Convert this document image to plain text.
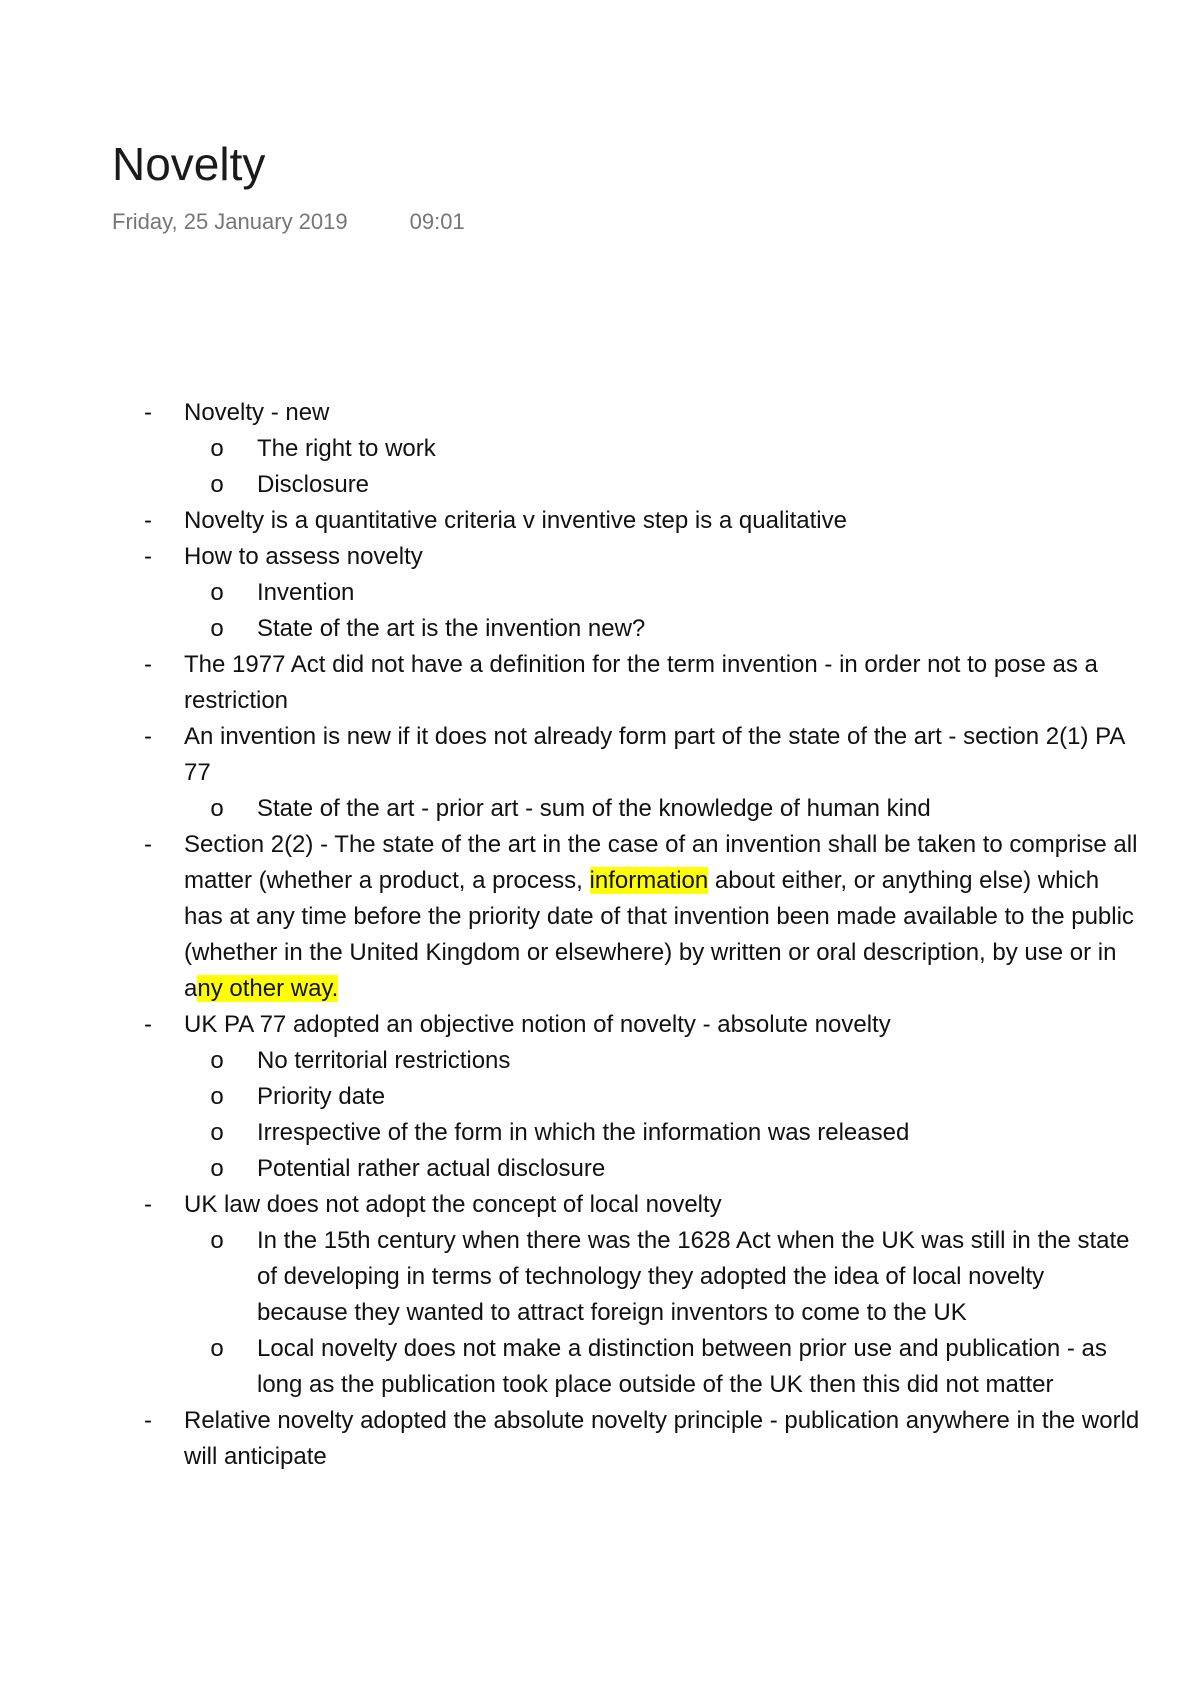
Novelty
Friday, 25 January 2019	09:01
- Novelty - new
o The right to work
o Disclosure
- Novelty is a quantitative criteria v inventive step is a qualitative
- How to assess novelty
o Invention
o State of the art is the invention new?
- The 1977 Act did not have a definition for the term invention - in order not to pose as a restriction
- An invention is new if it does not already form part of the state of the art - section 2(1) PA 77
o State of the art - prior art - sum of the knowledge of human kind
- Section 2(2) - The state of the art in the case of an invention shall be taken to comprise all matter (whether a product, a process, information about either, or anything else) which has at any time before the priority date of that invention been made available to the public (whether in the United Kingdom or elsewhere) by written or oral description, by use or in any other way.
- UK PA 77 adopted an objective notion of novelty - absolute novelty
o No territorial restrictions
o Priority date
o Irrespective of the form in which the information was released
o Potential rather actual disclosure
- UK law does not adopt the concept of local novelty
o In the 15th century when there was the 1628 Act when the UK was still in the state of developing in terms of technology they adopted the idea of local novelty because they wanted to attract foreign inventors to come to the UK
o Local novelty does not make a distinction between prior use and publication - as long as the publication took place outside of the UK then this did not matter
- Relative novelty adopted the absolute novelty principle - publication anywhere in the world will anticipate
